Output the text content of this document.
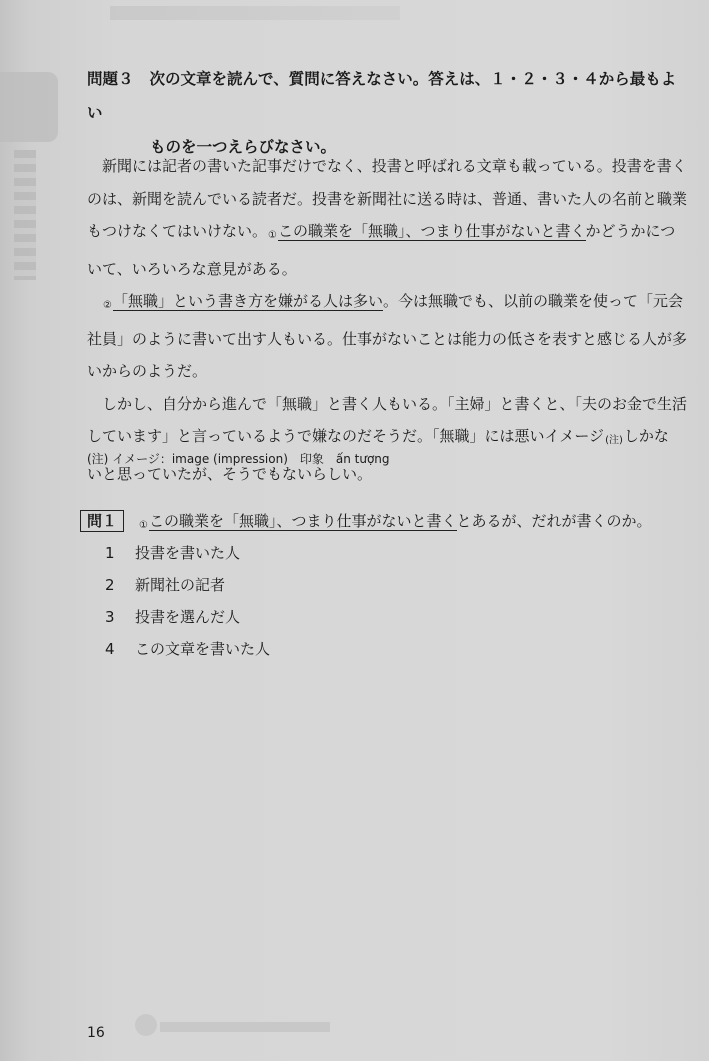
問題３ 次の文章を読んで、質問に答えなさい。答えは、１・２・３・４から最もよい
ものを一つえらびなさい。

新聞には記者の書いた記事だけでなく、投書と呼ばれる文章も載っている。投書を書く
のは、新聞を読んでいる読者だ。投書を新聞社に送る時は、普通、書いた人の名前と職業
もつけなくてはいけない。①この職業を「無職」、つまり仕事がないと書くかどうかにつ
いて、いろいろな意見がある。

②「無職」という書き方を嫌がる人は多い。今は無職でも、以前の職業を使って「元会
社員」のように書いて出す人もいる。仕事がないことは能力の低さを表すと感じる人が多
いからのようだ。

しかし、自分から進んで「無職」と書く人もいる。「主婦」と書くと、「夫のお金で生活
しています」と言っているようで嫌なのだそうだ。「無職」には悪いイメージ(注)しかな
いと思っていたが、そうでもないらしい。

(注) イメージ：image (impression)　印象　ấn tượng
問１ ①この職業を「無職」、つまり仕事がないと書くとあるが、だれが書くのか。
1 投書を書いた人
2 新聞社の記者
3 投書を選んだ人
4 この文章を書いた人
16
